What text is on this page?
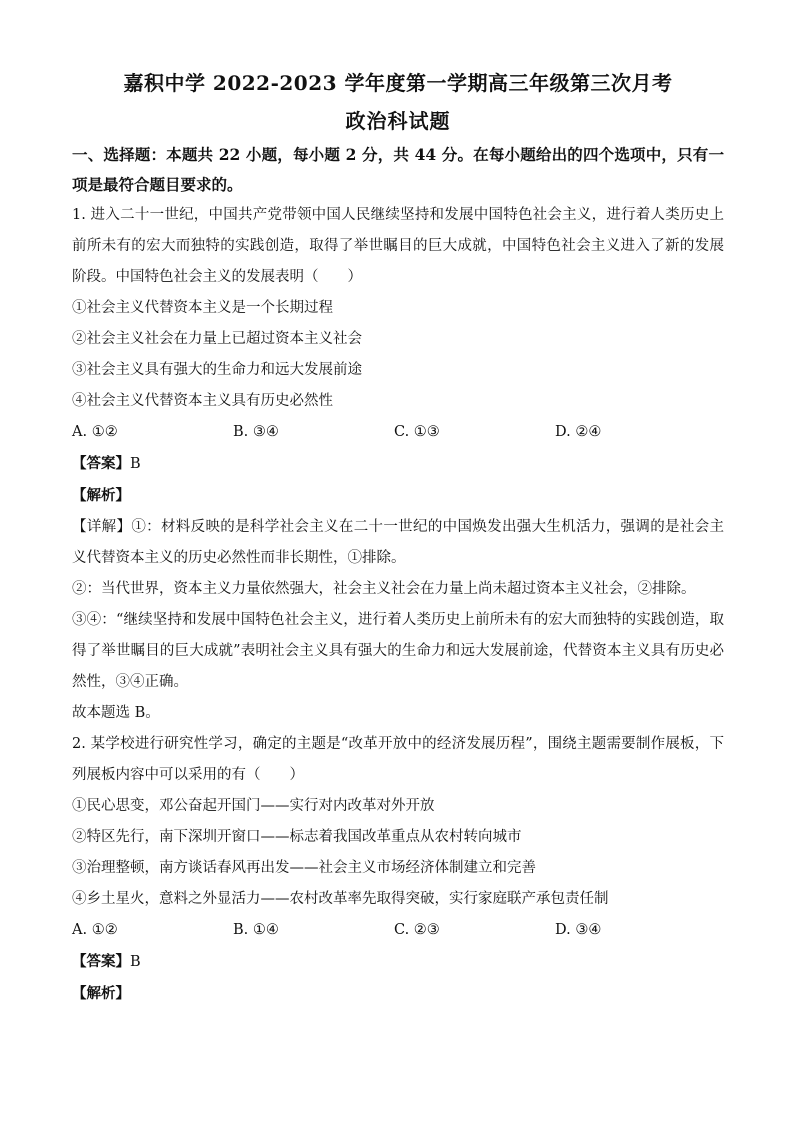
嘉积中学 2022-2023 学年度第一学期高三年级第三次月考

政治科试题

一、选择题：本题共 22 小题，每小题 2 分，共 44 分。在每小题给出的四个选项中，只有一项是最符合题目要求的。

1. 进入二十一世纪，中国共产党带领中国人民继续坚持和发展中国特色社会主义，进行着人类历史上前所未有的宏大而独特的实践创造，取得了举世瞩目的巨大成就，中国特色社会主义进入了新的发展阶段。中国特色社会主义的发展表明（　　）

①社会主义代替资本主义是一个长期过程

②社会主义社会在力量上已超过资本主义社会

③社会主义具有强大的生命力和远大发展前途

④社会主义代替资本主义具有历史必然性

A. ①②	B. ③④	C. ①③	D. ②④

【答案】B

【解析】

【详解】①：材料反映的是科学社会主义在二十一世纪的中国焕发出强大生机活力，强调的是社会主义代替资本主义的历史必然性而非长期性，①排除。

②：当代世界，资本主义力量依然强大，社会主义社会在力量上尚未超过资本主义社会，②排除。

③④：“继续坚持和发展中国特色社会主义，进行着人类历史上前所未有的宏大而独特的实践创造，取得了举世瞩目的巨大成就”表明社会主义具有强大的生命力和远大发展前途，代替资本主义具有历史必然性，③④正确。

故本题选 B。

2. 某学校进行研究性学习，确定的主题是“改革开放中的经济发展历程”，围绕主题需要制作展板，下列展板内容中可以采用的有（　　）

①民心思变，邓公奋起开国门——实行对内改革对外开放

②特区先行，南下深圳开窗口——标志着我国改革重点从农村转向城市

③治理整顿，南方谈话春风再出发——社会主义市场经济体制建立和完善

④乡土星火，意料之外显活力——农村改革率先取得突破，实行家庭联产承包责任制

A. ①②	B. ①④	C. ②③	D. ③④

【答案】B

【解析】
